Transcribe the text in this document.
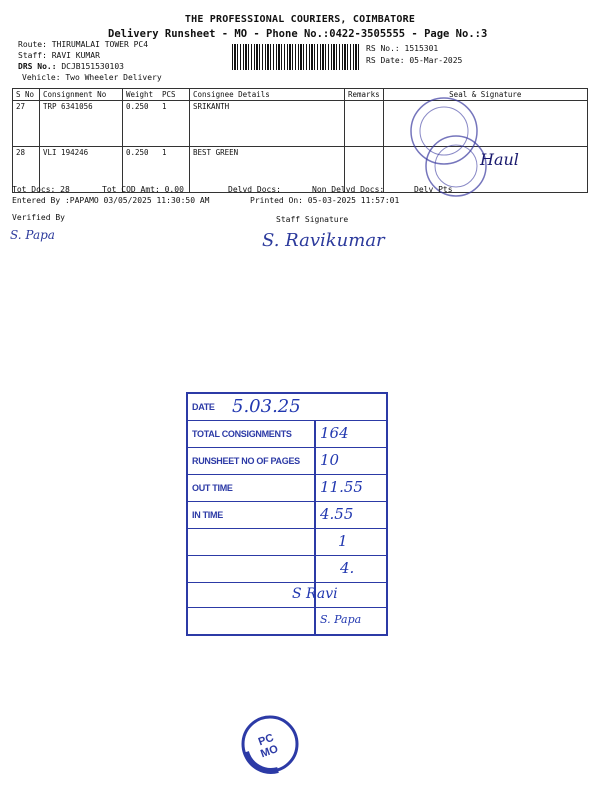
THE PROFESSIONAL COURIERS, COIMBATORE
Delivery Runsheet - MO - Phone No.:0422-3505555 - Page No.:3
Route: THIRUMALAI TOWER PC4
Staff: RAVI KUMAR
DRS No.: DCJB151530103
Vehicle: Two Wheeler Delivery
RS No.: 1515301
RS Date: 05-Mar-2025
S No	Consignment No	Weight	PCS	Consignee Details	Remarks	Seal & Signature
27	TRP 6341056	0.250	1	SRIKANTH		
28	VLI 194246	0.250	1	BEST GREEN			Haul
Tot Docs: 28	Tot COD Amt: 0.00	Delvd Docs:	Non Delvd Docs:	Delv Pts
Entered By :PAPAMO 03/05/2025 11:30:50 AM	Printed On: 05-03-2025 11:57:01
Verified By
S. Papa
Staff Signature
S. Ravikumar
DATE 5.03.25
TOTAL CONSIGNMENTS 164
RUNSHEET NO OF PAGES 10
OUT TIME	11.55
IN TIME	4.55
1
4.
S Ravi
S. Papa
PC
MO
